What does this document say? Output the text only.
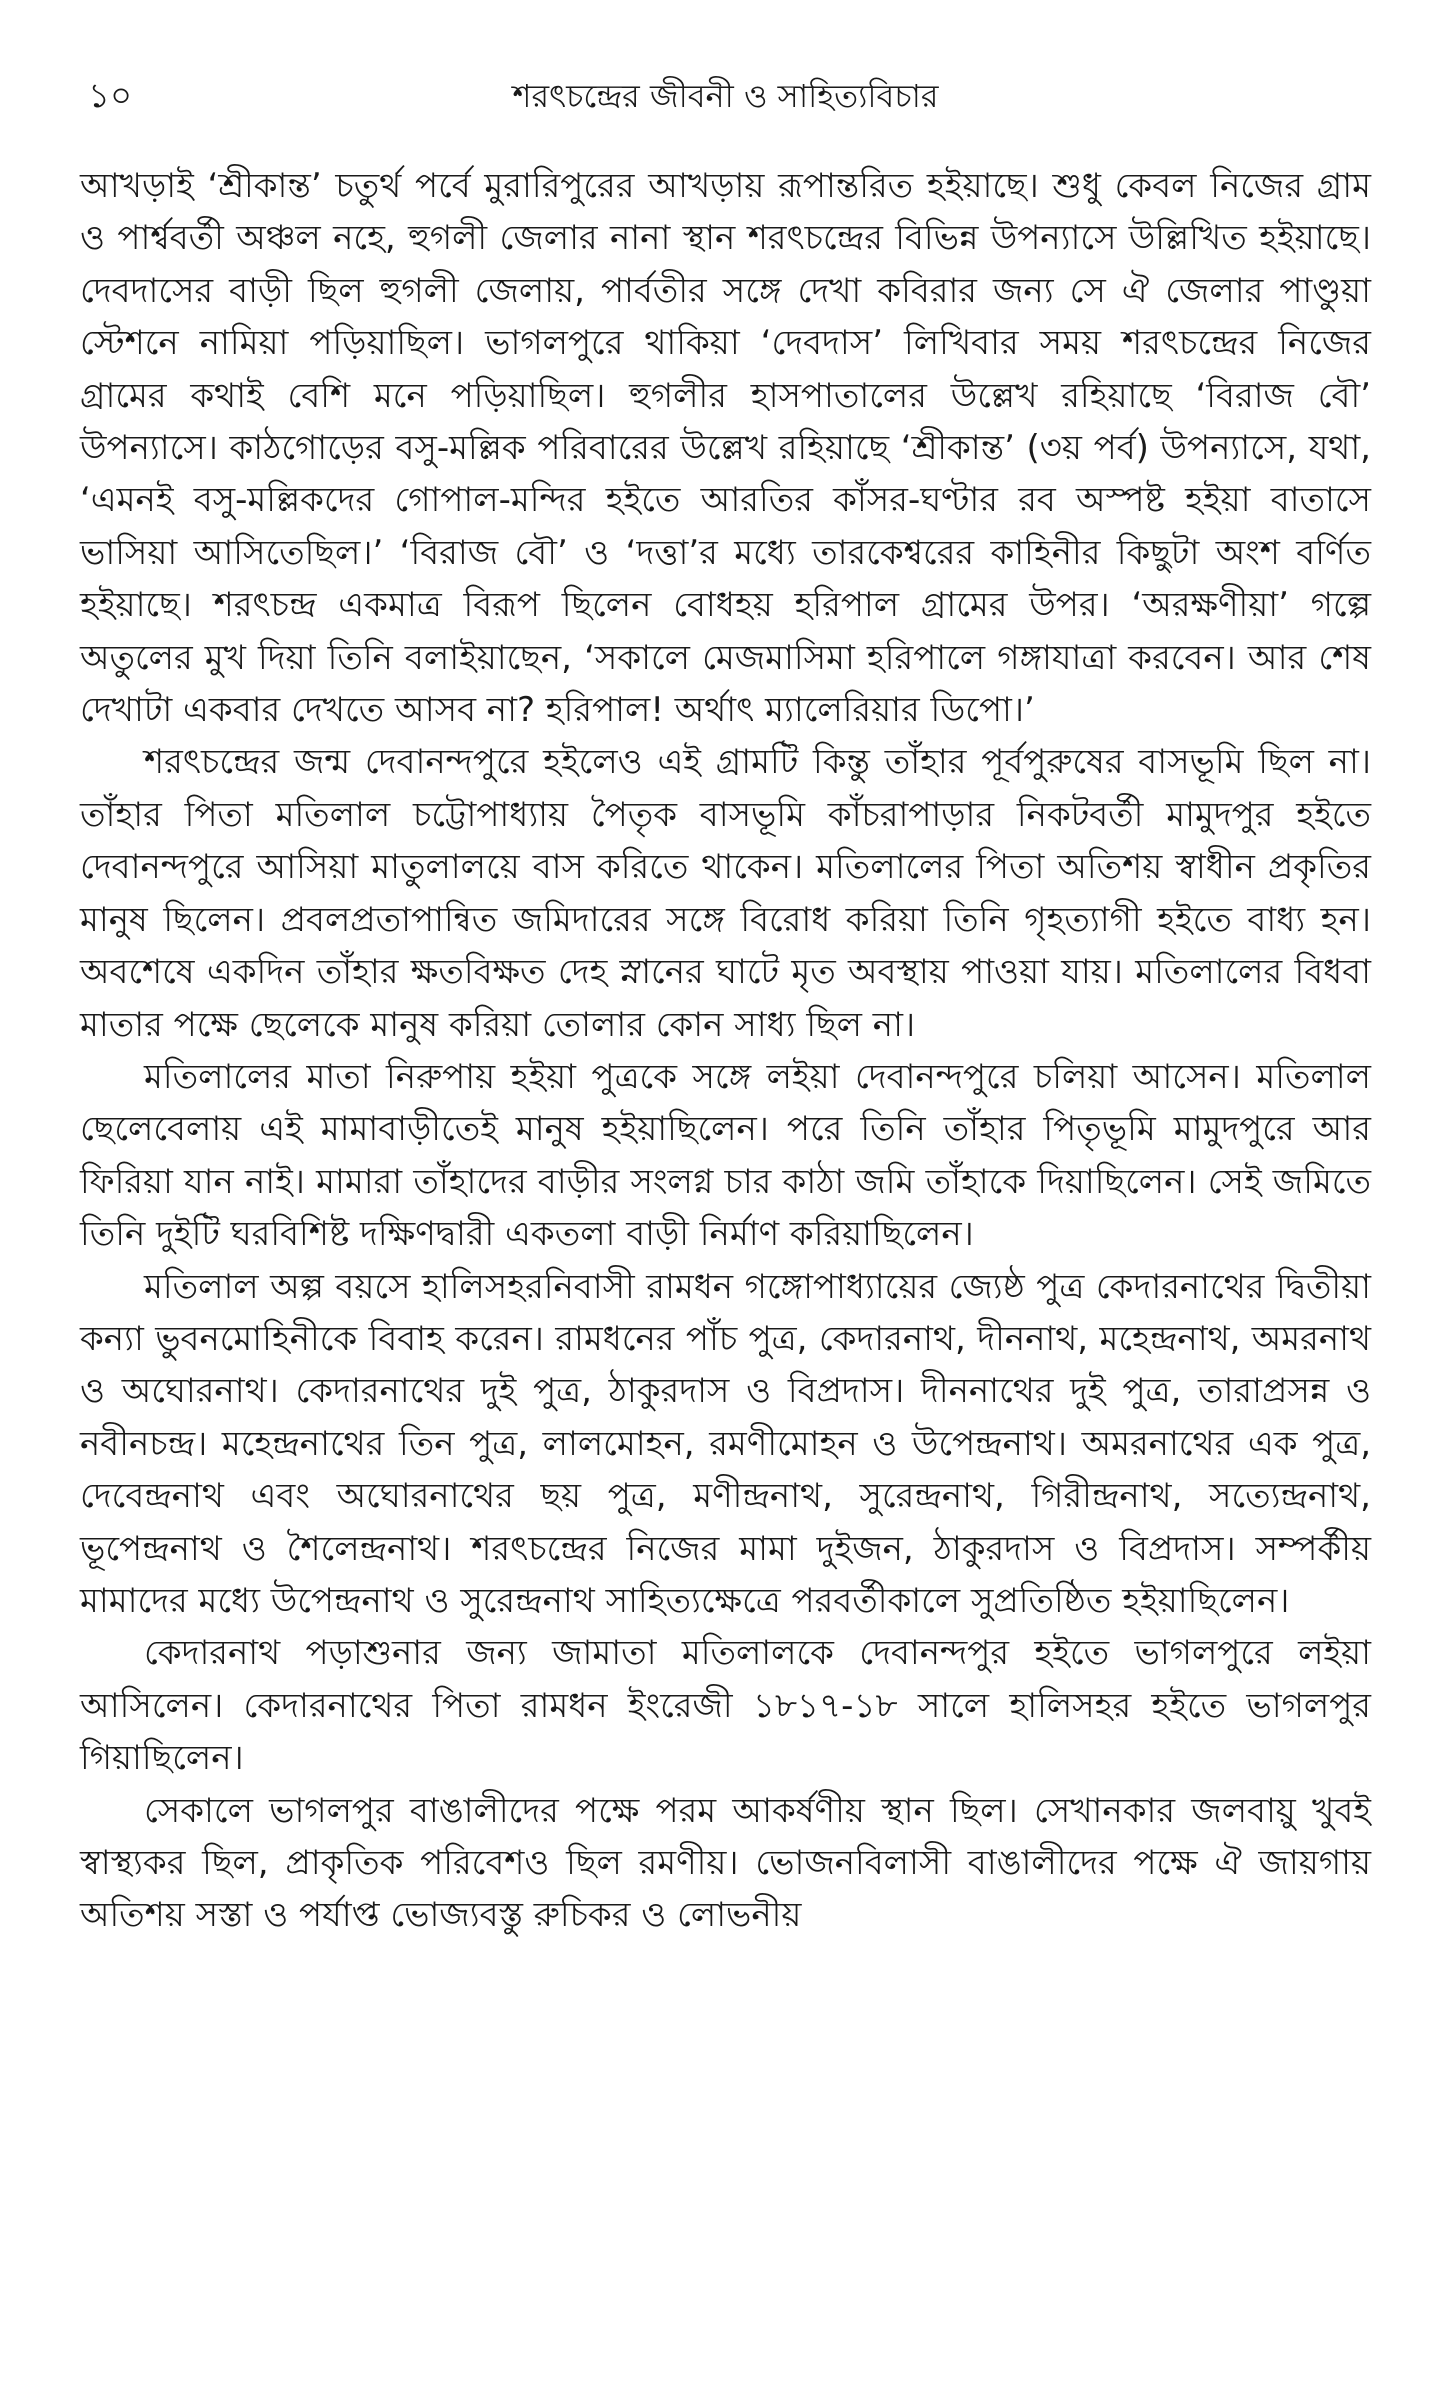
১০	শরৎচন্দ্রের জীবনী ও সাহিত্যবিচার

আখড়াই ‘শ্রীকান্ত’ চতুর্থ পর্বে মুরারিপুরের আখড়ায় রূপান্তরিত হইয়াছে। শুধু কেবল নিজের গ্রাম ও পার্শ্ববর্তী অঞ্চল নহে, হুগলী জেলার নানা স্থান শরৎচন্দ্রের বিভিন্ন উপন্যাসে উল্লিখিত হইয়াছে। দেবদাসের বাড়ী ছিল হুগলী জেলায়, পার্বতীর সঙ্গে দেখা কবিরার জন্য সে ঐ জেলার পাণ্ডুয়া স্টেশনে নামিয়া পড়িয়াছিল। ভাগলপুরে থাকিয়া ‘দেবদাস’ লিখিবার সময় শরৎচন্দ্রের নিজের গ্রামের কথাই বেশি মনে পড়িয়াছিল। হুগলীর হাসপাতালের উল্লেখ রহিয়াছে ‘বিরাজ বৌ’ উপন্যাসে। কাঠগোড়ের বসু-মল্লিক পরিবারের উল্লেখ রহিয়াছে ‘শ্রীকান্ত’ (৩য় পর্ব) উপন্যাসে, যথা, ‘এমনই বসু-মল্লিকদের গোপাল-মন্দির হইতে আরতির কাঁসর-ঘণ্টার রব অস্পষ্ট হইয়া বাতাসে ভাসিয়া আসিতেছিল।’ ‘বিরাজ বৌ’ ও ‘দত্তা’র মধ্যে তারকেশ্বরের কাহিনীর কিছুটা অংশ বর্ণিত হইয়াছে। শরৎচন্দ্র একমাত্র বিরূপ ছিলেন বোধহয় হরিপাল গ্রামের উপর। ‘অরক্ষণীয়া’ গল্পে অতুলের মুখ দিয়া তিনি বলাইয়াছেন, ‘সকালে মেজমাসিমা হরিপালে গঙ্গাযাত্রা করবেন। আর শেষ দেখাটা একবার দেখতে আসব না? হরিপাল! অর্থাৎ ম্যালেরিয়ার ডিপো।’

শরৎচন্দ্রের জন্ম দেবানন্দপুরে হইলেও এই গ্রামটি কিন্তু তাঁহার পূর্বপুরুষের বাসভূমি ছিল না। তাঁহার পিতা মতিলাল চট্টোপাধ্যায় পৈতৃক বাসভূমি কাঁচরাপাড়ার নিকটবর্তী মামুদপুর হইতে দেবানন্দপুরে আসিয়া মাতুলালয়ে বাস করিতে থাকেন। মতিলালের পিতা অতিশয় স্বাধীন প্রকৃতির মানুষ ছিলেন। প্রবলপ্রতাপান্বিত জমিদারের সঙ্গে বিরোধ করিয়া তিনি গৃহত্যাগী হইতে বাধ্য হন। অবশেষে একদিন তাঁহার ক্ষতবিক্ষত দেহ স্নানের ঘাটে মৃত অবস্থায় পাওয়া যায়। মতিলালের বিধবা মাতার পক্ষে ছেলেকে মানুষ করিয়া তোলার কোন সাধ্য ছিল না।

মতিলালের মাতা নিরুপায় হইয়া পুত্রকে সঙ্গে লইয়া দেবানন্দপুরে চলিয়া আসেন। মতিলাল ছেলেবেলায় এই মামাবাড়ীতেই মানুষ হইয়াছিলেন। পরে তিনি তাঁহার পিতৃভূমি মামুদপুরে আর ফিরিয়া যান নাই। মামারা তাঁহাদের বাড়ীর সংলগ্ন চার কাঠা জমি তাঁহাকে দিয়াছিলেন। সেই জমিতে তিনি দুইটি ঘরবিশিষ্ট দক্ষিণদ্বারী একতলা বাড়ী নির্মাণ করিয়াছিলেন।

মতিলাল অল্প বয়সে হালিসহরনিবাসী রামধন গঙ্গোপাধ্যায়ের জ্যেষ্ঠ পুত্র কেদারনাথের দ্বিতীয়া কন্যা ভুবনমোহিনীকে বিবাহ করেন। রামধনের পাঁচ পুত্র, কেদারনাথ, দীননাথ, মহেন্দ্রনাথ, অমরনাথ ও অঘোরনাথ। কেদারনাথের দুই পুত্র, ঠাকুরদাস ও বিপ্রদাস। দীননাথের দুই পুত্র, তারাপ্রসন্ন ও নবীনচন্দ্র। মহেন্দ্রনাথের তিন পুত্র, লালমোহন, রমণীমোহন ও উপেন্দ্রনাথ। অমরনাথের এক পুত্র, দেবেন্দ্রনাথ এবং অঘোরনাথের ছয় পুত্র, মণীন্দ্রনাথ, সুরেন্দ্রনাথ, গিরীন্দ্রনাথ, সত্যেন্দ্রনাথ, ভূপেন্দ্রনাথ ও শৈলেন্দ্রনাথ। শরৎচন্দ্রের নিজের মামা দুইজন, ঠাকুরদাস ও বিপ্রদাস। সম্পর্কীয় মামাদের মধ্যে উপেন্দ্রনাথ ও সুরেন্দ্রনাথ সাহিত্যক্ষেত্রে পরবর্তীকালে সুপ্রতিষ্ঠিত হইয়াছিলেন।

কেদারনাথ পড়াশুনার জন্য জামাতা মতিলালকে দেবানন্দপুর হইতে ভাগলপুরে লইয়া আসিলেন। কেদারনাথের পিতা রামধন ইংরেজী ১৮১৭-১৮ সালে হালিসহর হইতে ভাগলপুর গিয়াছিলেন।

সেকালে ভাগলপুর বাঙালীদের পক্ষে পরম আকর্ষণীয় স্থান ছিল। সেখানকার জলবায়ু খুবই স্বাস্থ্যকর ছিল, প্রাকৃতিক পরিবেশও ছিল রমণীয়। ভোজনবিলাসী বাঙালীদের পক্ষে ঐ জায়গায় অতিশয় সস্তা ও পর্যাপ্ত ভোজ্যবস্তু রুচিকর ও লোভনীয়
